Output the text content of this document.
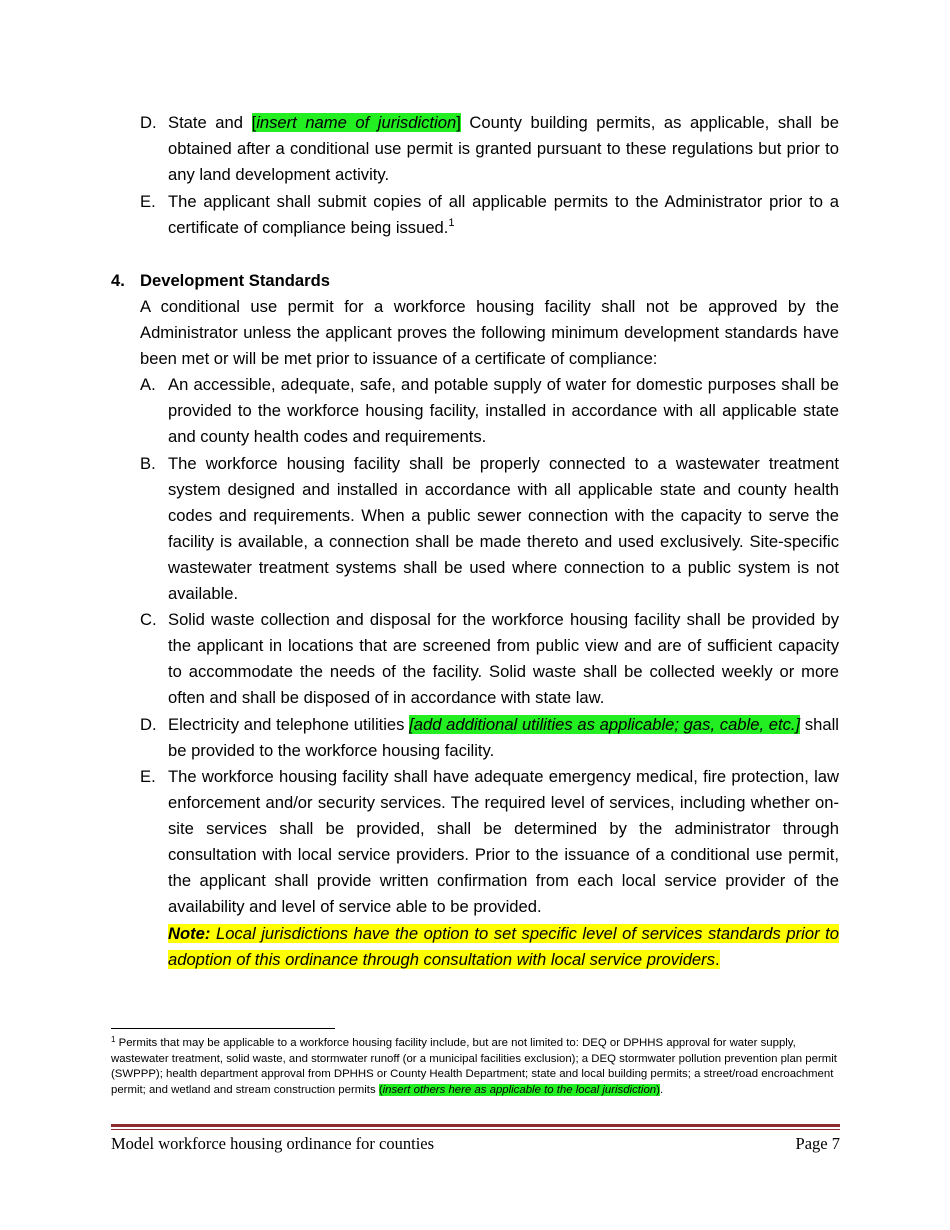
D. State and [insert name of jurisdiction] County building permits, as applicable, shall be obtained after a conditional use permit is granted pursuant to these regulations but prior to any land development activity.
E. The applicant shall submit copies of all applicable permits to the Administrator prior to a certificate of compliance being issued.$^1$
4. Development Standards
A conditional use permit for a workforce housing facility shall not be approved by the Administrator unless the applicant proves the following minimum development standards have been met or will be met prior to issuance of a certificate of compliance:
A. An accessible, adequate, safe, and potable supply of water for domestic purposes shall be provided to the workforce housing facility, installed in accordance with all applicable state and county health codes and requirements.
B. The workforce housing facility shall be properly connected to a wastewater treatment system designed and installed in accordance with all applicable state and county health codes and requirements. When a public sewer connection with the capacity to serve the facility is available, a connection shall be made thereto and used exclusively. Site-specific wastewater treatment systems shall be used where connection to a public system is not available.
C. Solid waste collection and disposal for the workforce housing facility shall be provided by the applicant in locations that are screened from public view and are of sufficient capacity to accommodate the needs of the facility. Solid waste shall be collected weekly or more often and shall be disposed of in accordance with state law.
D. Electricity and telephone utilities [add additional utilities as applicable; gas, cable, etc.] shall be provided to the workforce housing facility.
E. The workforce housing facility shall have adequate emergency medical, fire protection, law enforcement and/or security services. The required level of services, including whether on-site services shall be provided, shall be determined by the administrator through consultation with local service providers. Prior to the issuance of a conditional use permit, the applicant shall provide written confirmation from each local service provider of the availability and level of service able to be provided.
Note: Local jurisdictions have the option to set specific level of services standards prior to adoption of this ordinance through consultation with local service providers.
$^1$ Permits that may be applicable to a workforce housing facility include, but are not limited to: DEQ or DPHHS approval for water supply, wastewater treatment, solid waste, and stormwater runoff (or a municipal facilities exclusion); a DEQ stormwater pollution prevention plan permit (SWPPP); health department approval from DPHHS or County Health Department; state and local building permits; a street/road encroachment permit; and wetland and stream construction permits (insert others here as applicable to the local jurisdiction).
Model workforce housing ordinance for counties	Page 7
